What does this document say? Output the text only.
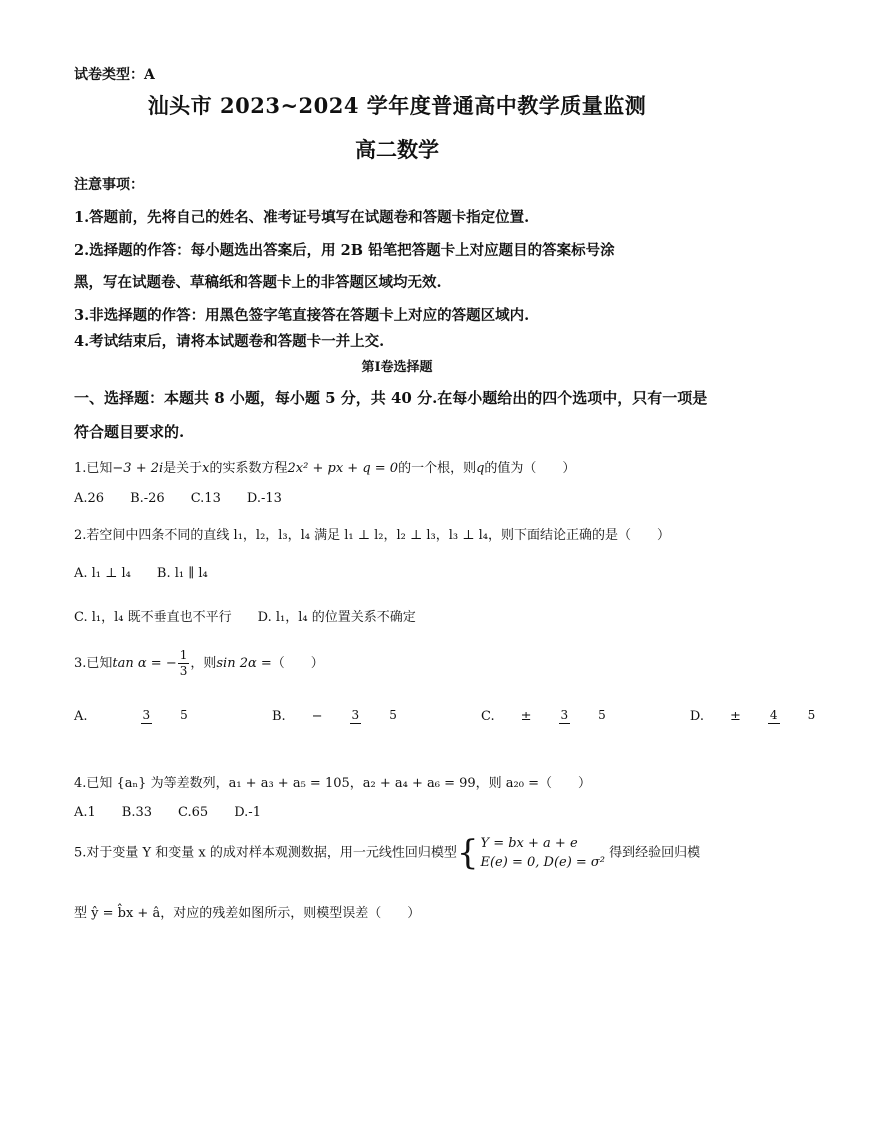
试卷类型：A
汕头市 2023~2024 学年度普通高中教学质量监测
高二数学
注意事项：
1.答题前，先将自己的姓名、准考证号填写在试题卷和答题卡指定位置.
2.选择题的作答：每小题选出答案后，用 2B 铅笔把答题卡上对应题目的答案标号涂
黑，写在试题卷、草稿纸和答题卡上的非答题区域均无效.
3.非选择题的作答：用黑色签字笔直接答在答题卡上对应的答题区域内.
4.考试结束后，请将本试题卷和答题卡一并上交.
第Ⅰ卷选择题
一、选择题：本题共 8 小题，每小题 5 分，共 40 分.在每小题给出的四个选项中，只有一项是
符合题目要求的.
1.已知−3 + 2i是关于x的实系数方程2x² + px + q = 0的一个根，则q的值为（　　）
A.26 B.-26 C.13 D.-13
2.若空间中四条不同的直线 l₁，l₂，l₃，l₄ 满足 l₁ ⊥ l₂，l₂ ⊥ l₃，l₃ ⊥ l₄，则下面结论正确的是（　　）
A. l₁ ⊥ l₄ B. l₁ ∥ l₄
C. l₁，l₄ 既不垂直也不平行 D. l₁，l₄ 的位置关系不确定
3.已知tan α = − $\frac{1}{3}$ ，则sin 2α =（　　）
A.	3	5	B. − 3	5	C. ± 3	5	D. ± 4	5
4.已知 {aₙ} 为等差数列，a₁ + a₃ + a₅ = 105，a₂ + a₄ + a₆ = 99，则 a₂₀ =（　　）
A.1 B.33 C.65 D.-1
5.对于变量 Y 和变量 x 的成对样本观测数据，用一元线性回归模型{ Y = bx + a + e
E(e) = 0, D(e) = σ²
得到经验回归模
型 ŷ = b̂x + â，对应的残差如图所示，则模型误差（　　）
